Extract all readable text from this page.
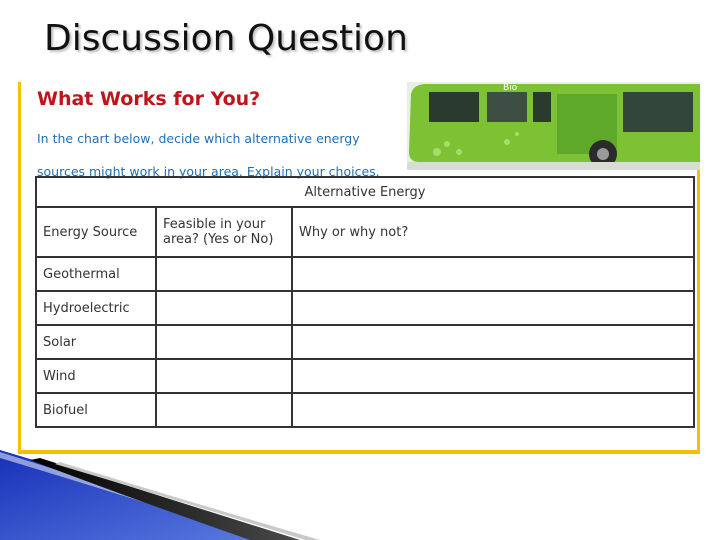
Discussion Question
What Works for You?
In the chart below, decide which alternative energy sources might work in your area. Explain your choices.
Bio
Alternative Energy		
Energy Source	Feasible in your area? (Yes or No)	Why or why not?
Geothermal		
Hydroelectric		
Solar		
Wind		
Biofuel		
